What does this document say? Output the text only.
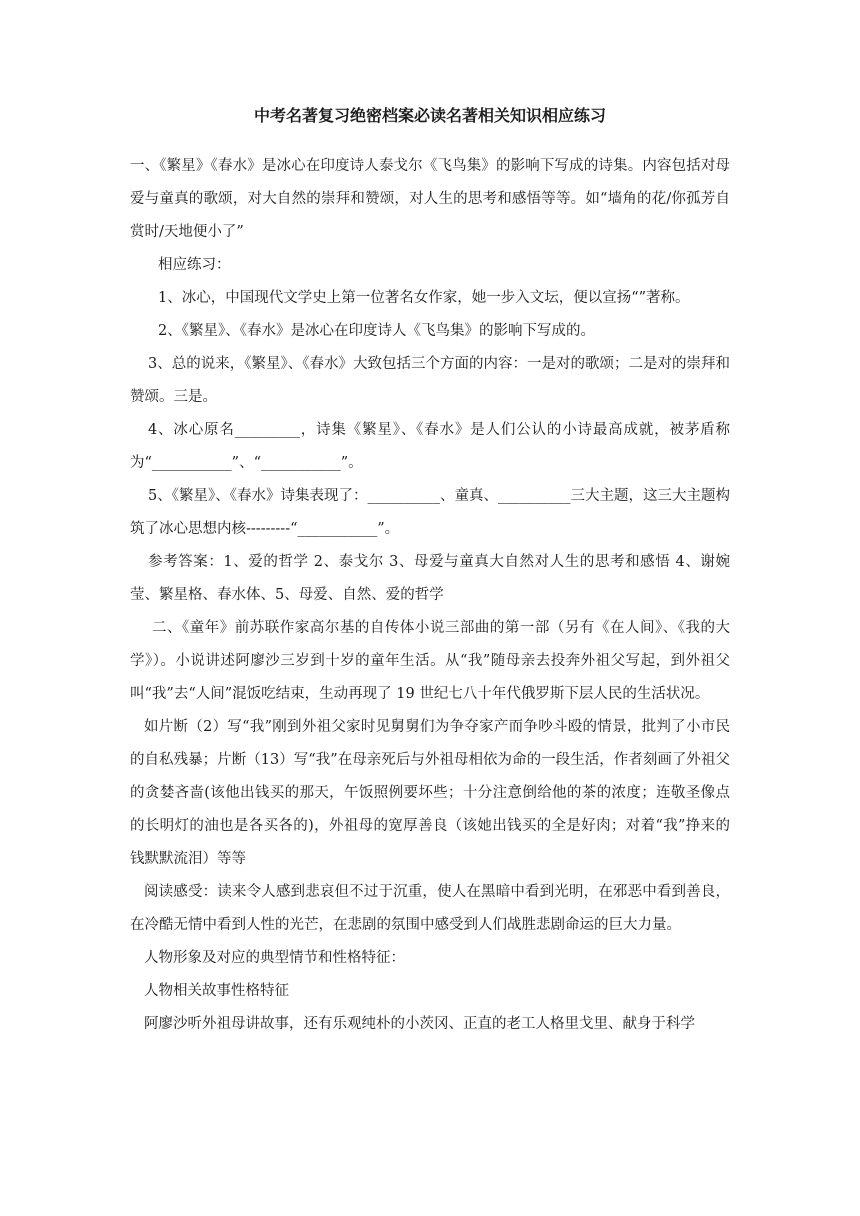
中考名著复习绝密档案必读名著相关知识相应练习

一、《繁星》《春水》是冰心在印度诗人泰戈尔《飞鸟集》的影响下写成的诗集。内容包括对母爱与童真的歌颂，对大自然的崇拜和赞颂，对人生的思考和感悟等等。如“墙角的花/你孤芳自赏时/天地便小了”

相应练习：

1、冰心，中国现代文学史上第一位著名女作家，她一步入文坛，便以宣扬“”著称。

2、《繁星》、《春水》是冰心在印度诗人《飞鸟集》的影响下写成的。

3、总的说来，《繁星》、《春水》大致包括三个方面的内容：一是对的歌颂；二是对的崇拜和赞颂。三是。

4、冰心原名_________，诗集《繁星》、《春水》是人们公认的小诗最高成就，被茅盾称为“___________”、“___________”。

5、《繁星》、《春水》诗集表现了：__________、童真、__________三大主题，这三大主题构筑了冰心思想内核---------“___________”。

参考答案：1、爱的哲学 2、泰戈尔 3、母爱与童真大自然对人生的思考和感悟 4、谢婉莹、繁星格、春水体、5、母爱、自然、爱的哲学

二、《童年》前苏联作家高尔基的自传体小说三部曲的第一部（另有《在人间》、《我的大学》）。小说讲述阿廖沙三岁到十岁的童年生活。从“我”随母亲去投奔外祖父写起，到外祖父叫“我”去“人间”混饭吃结束，生动再现了 19 世纪七八十年代俄罗斯下层人民的生活状况。

如片断（2）写“我”刚到外祖父家时见舅舅们为争夺家产而争吵斗殴的情景，批判了小市民的自私残暴；片断（13）写“我”在母亲死后与外祖母相依为命的一段生活，作者刻画了外祖父的贪婪吝啬(该他出钱买的那天，午饭照例要坏些；十分注意倒给他的茶的浓度；连敬圣像点的长明灯的油也是各买各的)，外祖母的宽厚善良（该她出钱买的全是好肉；对着“我”挣来的钱默默流泪）等等

阅读感受：读来令人感到悲哀但不过于沉重，使人在黑暗中看到光明，在邪恶中看到善良，在冷酷无情中看到人性的光芒，在悲剧的氛围中感受到人们战胜悲剧命运的巨大力量。

人物形象及对应的典型情节和性格特征：

人物相关故事性格特征

阿廖沙听外祖母讲故事，还有乐观纯朴的小茨冈、正直的老工人格里戈里、献身于科学
